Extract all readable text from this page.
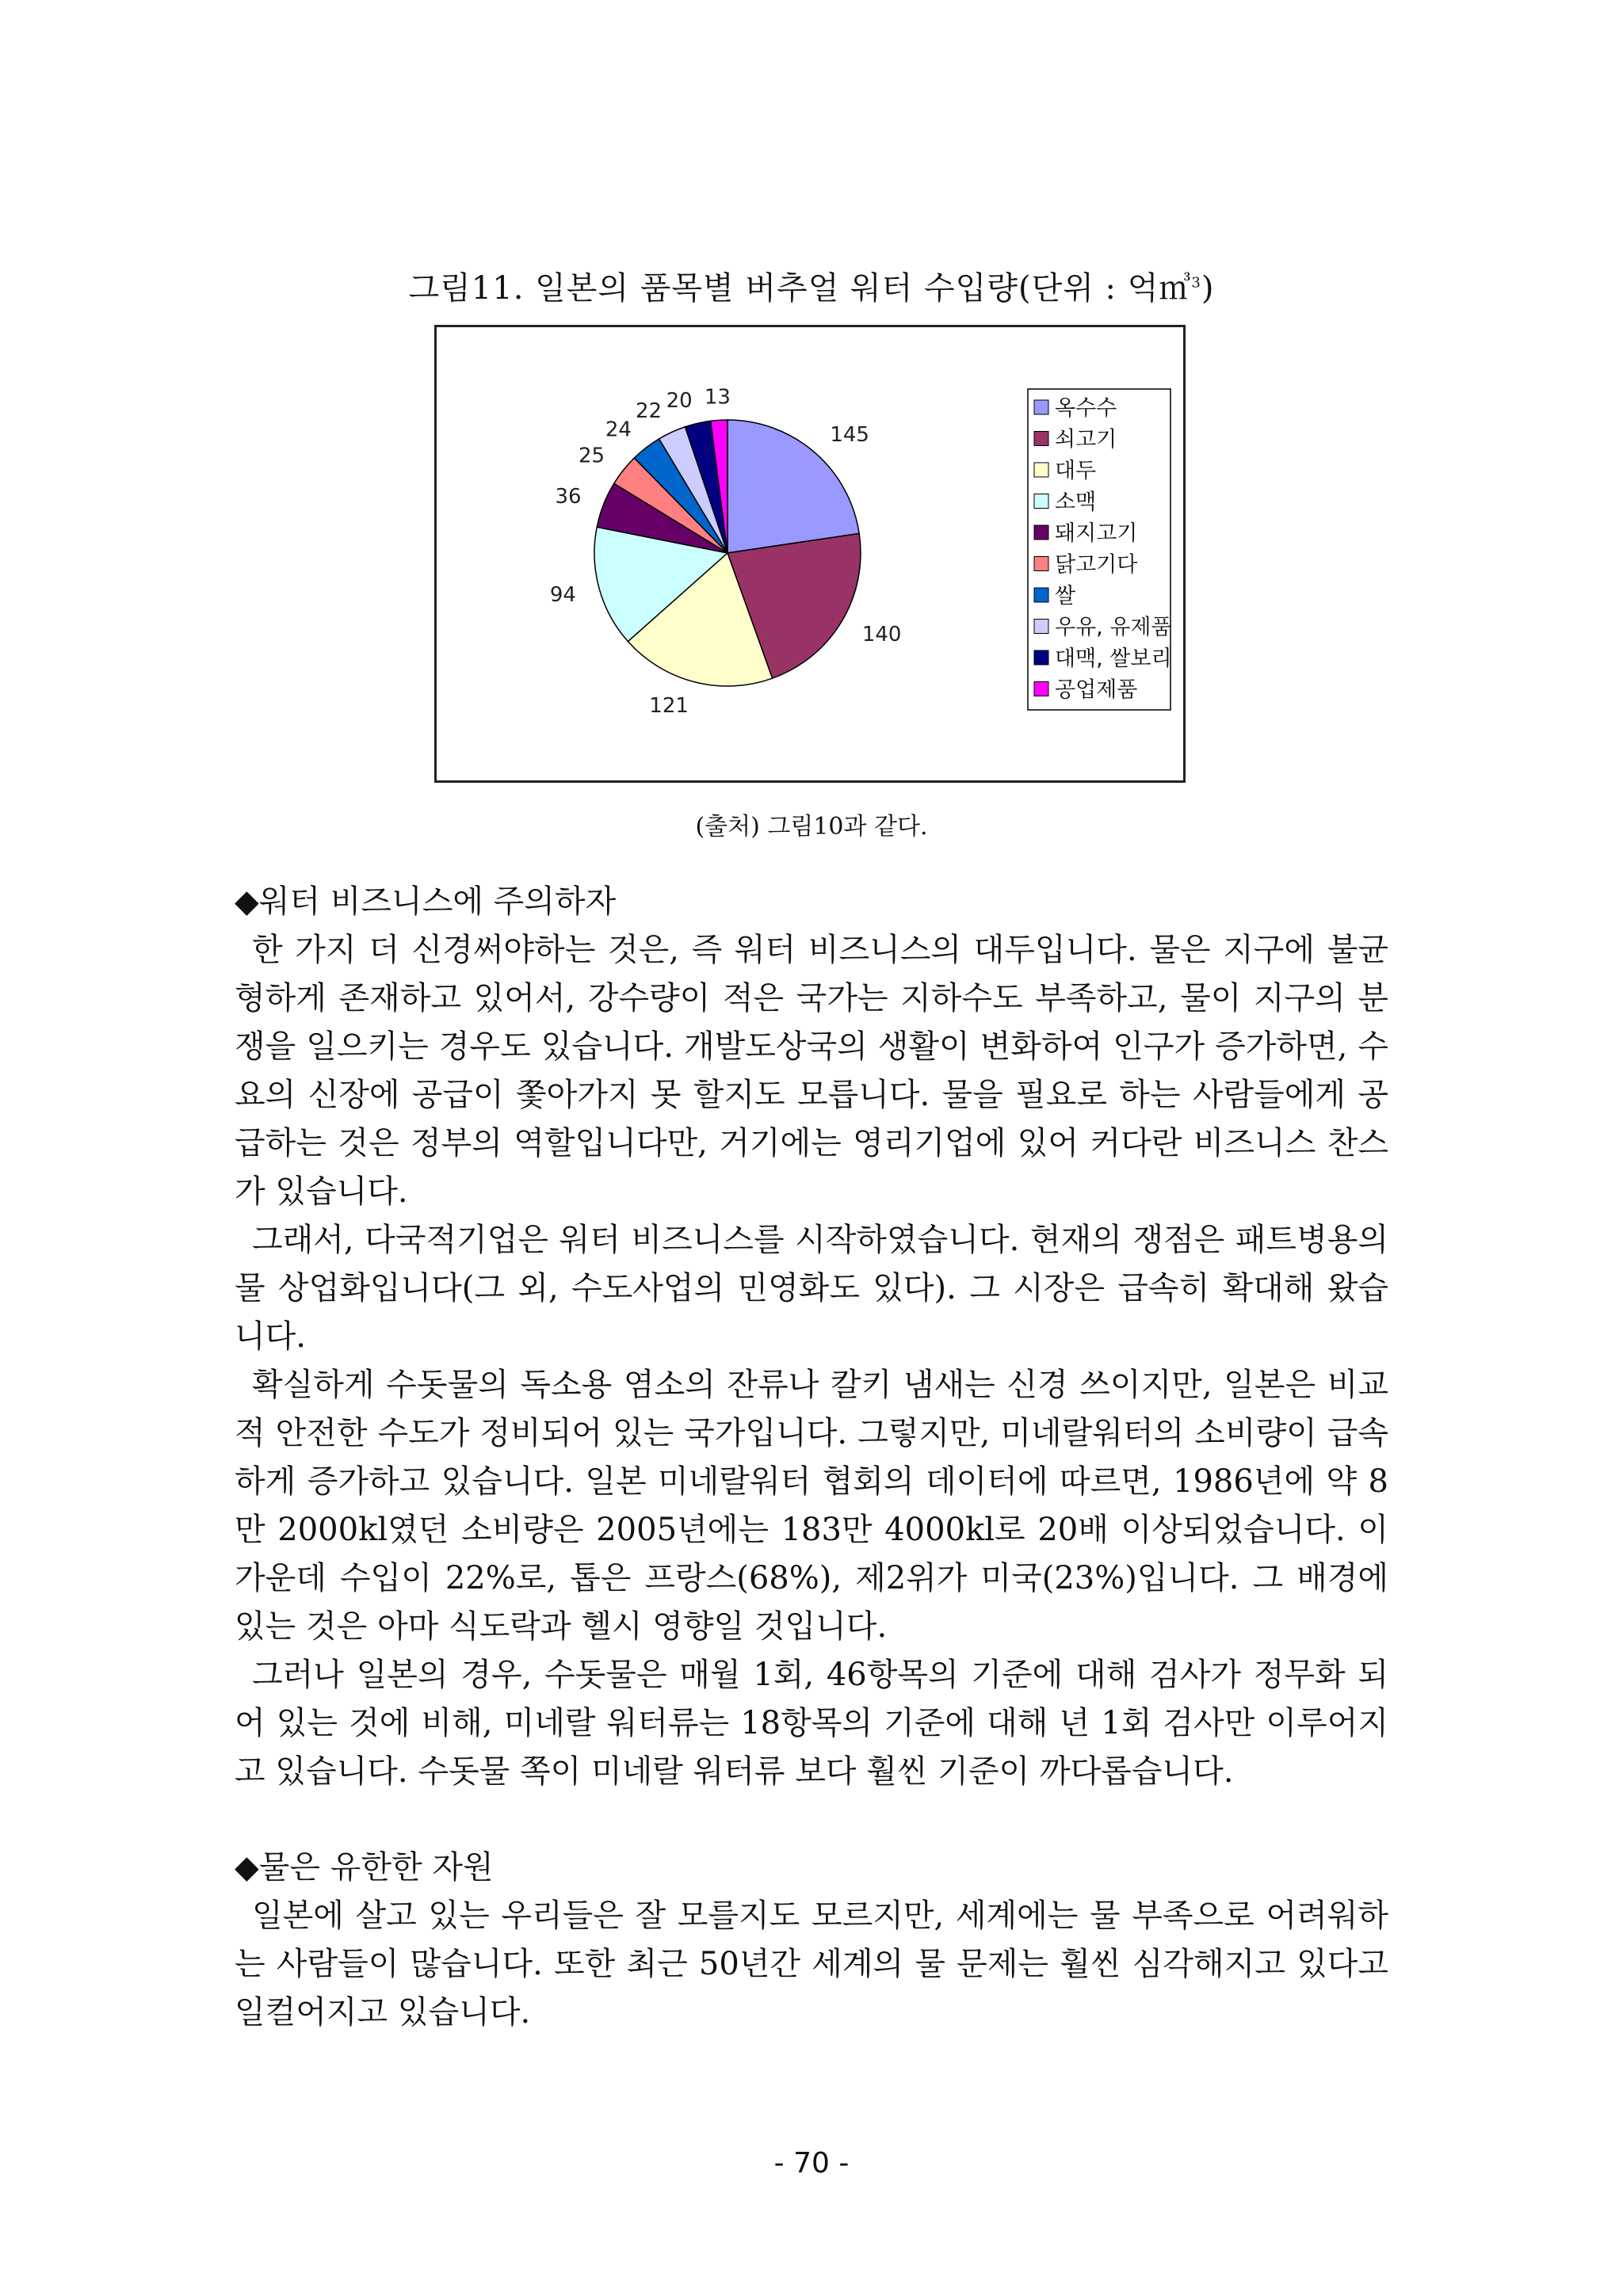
그림11. 일본의 품목별 버추얼 워터 수입량(단위 : 억㎥$^3$)
145
140
121
94
36
25
24
22 20 13	옥수수
쇠고기
대두
소맥
돼지고기
닭고기다
쌀
우유, 유제품
대맥, 쌀보리
공업제품
(출처) 그림10과 같다.

◆워터 비즈니스에 주의하자

한 가지 더 신경써야하는 것은, 즉 워터 비즈니스의 대두입니다. 물은 지구에 불균형하게 존재하고 있어서, 강수량이 적은 국가는 지하수도 부족하고, 물이 지구의 분쟁을 일으키는 경우도 있습니다. 개발도상국의 생활이 변화하여 인구가 증가하면, 수요의 신장에 공급이 쫓아가지 못 할지도 모릅니다. 물을 필요로 하는 사람들에게 공급하는 것은 정부의 역할입니다만, 거기에는 영리기업에 있어 커다란 비즈니스 찬스가 있습니다.

그래서, 다국적기업은 워터 비즈니스를 시작하였습니다. 현재의 쟁점은 패트병용의 물 상업화입니다(그 외, 수도사업의 민영화도 있다). 그 시장은 급속히 확대해 왔습니다.

확실하게 수돗물의 독소용 염소의 잔류나 칼키 냄새는 신경 쓰이지만, 일본은 비교적 안전한 수도가 정비되어 있는 국가입니다. 그렇지만, 미네랄워터의 소비량이 급속하게 증가하고 있습니다. 일본 미네랄워터 협회의 데이터에 따르면, 1986년에 약 8만 2000kl였던 소비량은 2005년에는 183만 4000kl로 20배 이상되었습니다. 이 가운데 수입이 22%로, 톱은 프랑스(68%), 제2위가 미국(23%)입니다. 그 배경에 있는 것은 아마 식도락과 헬시 영향일 것입니다.

그러나 일본의 경우, 수돗물은 매월 1회, 46항목의 기준에 대해 검사가 정무화 되어 있는 것에 비해, 미네랄 워터류는 18항목의 기준에 대해 년 1회 검사만 이루어지고 있습니다. 수돗물 쪽이 미네랄 워터류 보다 훨씬 기준이 까다롭습니다.

◆물은 유한한 자원

일본에 살고 있는 우리들은 잘 모를지도 모르지만, 세계에는 물 부족으로 어려워하는 사람들이 많습니다. 또한 최근 50년간 세계의 물 문제는 훨씬 심각해지고 있다고 일컬어지고 있습니다.

- 70 -
